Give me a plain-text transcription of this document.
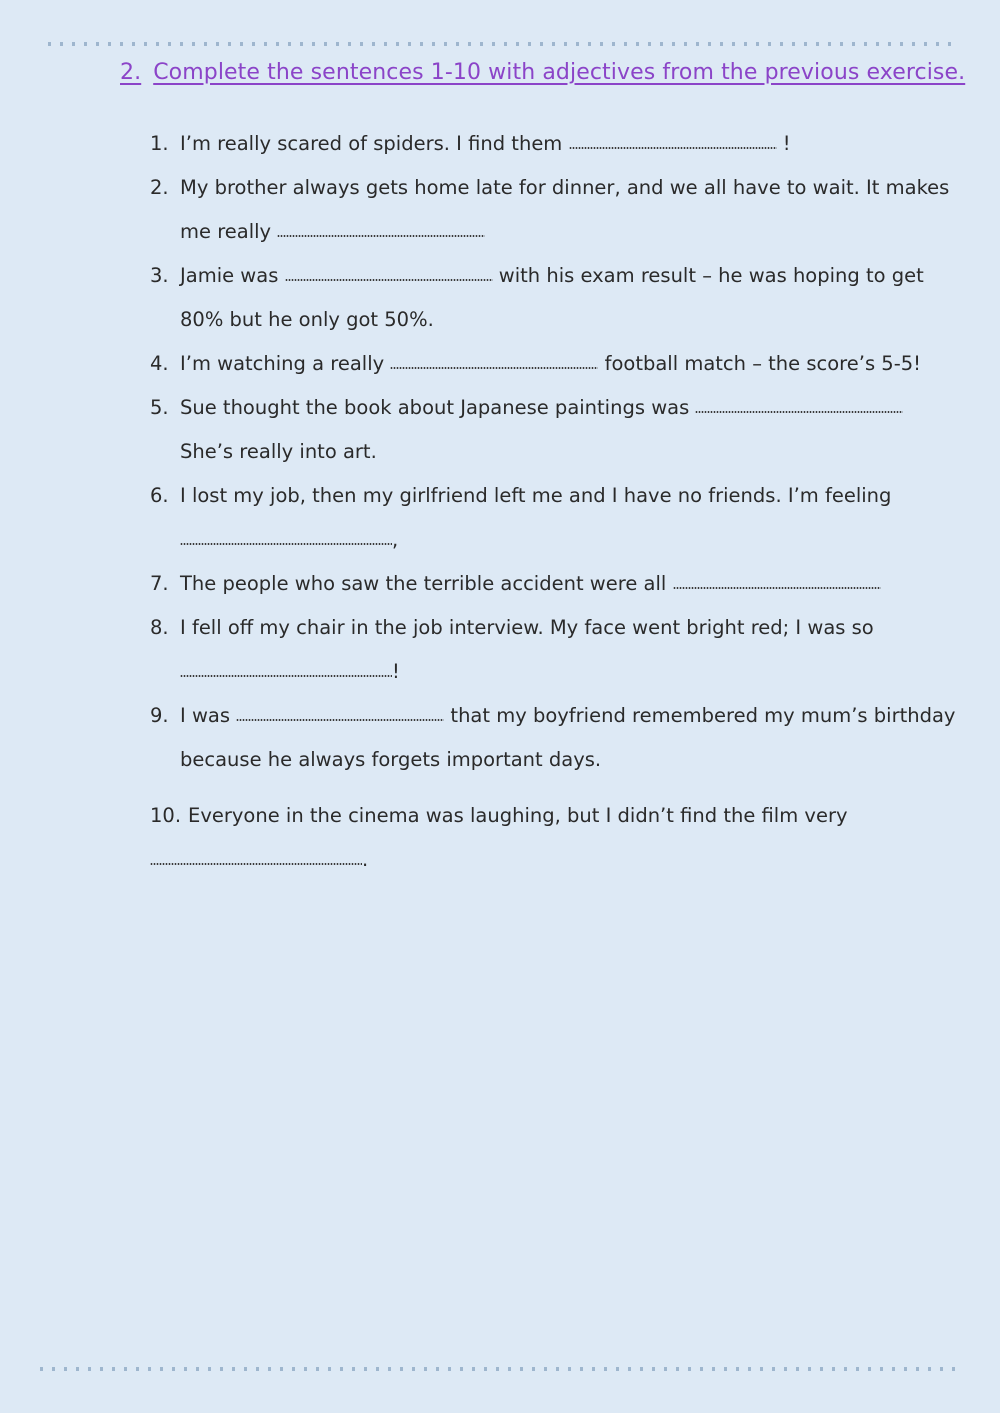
2. Complete the sentences 1-10 with adjectives from the previous exercise.
1. I’m really scared of spiders. I find them	!
2. My brother always gets home late for dinner, and we all have to wait. It makes
me really
3. Jamie was	with his exam result – he was hoping to get
80% but he only got 50%.
4. I’m watching a really	football match – the score’s 5-5!
5. Sue thought the book about Japanese paintings was
She’s really into art.
6. I lost my job, then my girlfriend left me and I have no friends. I’m feeling
,
7. The people who saw the terrible accident were all
8. I fell off my chair in the job interview. My face went bright red; I was so
!
9. I was	that my boyfriend remembered my mum’s birthday
because he always forgets important days.
10. Everyone in the cinema was laughing, but I didn’t find the film very
.
